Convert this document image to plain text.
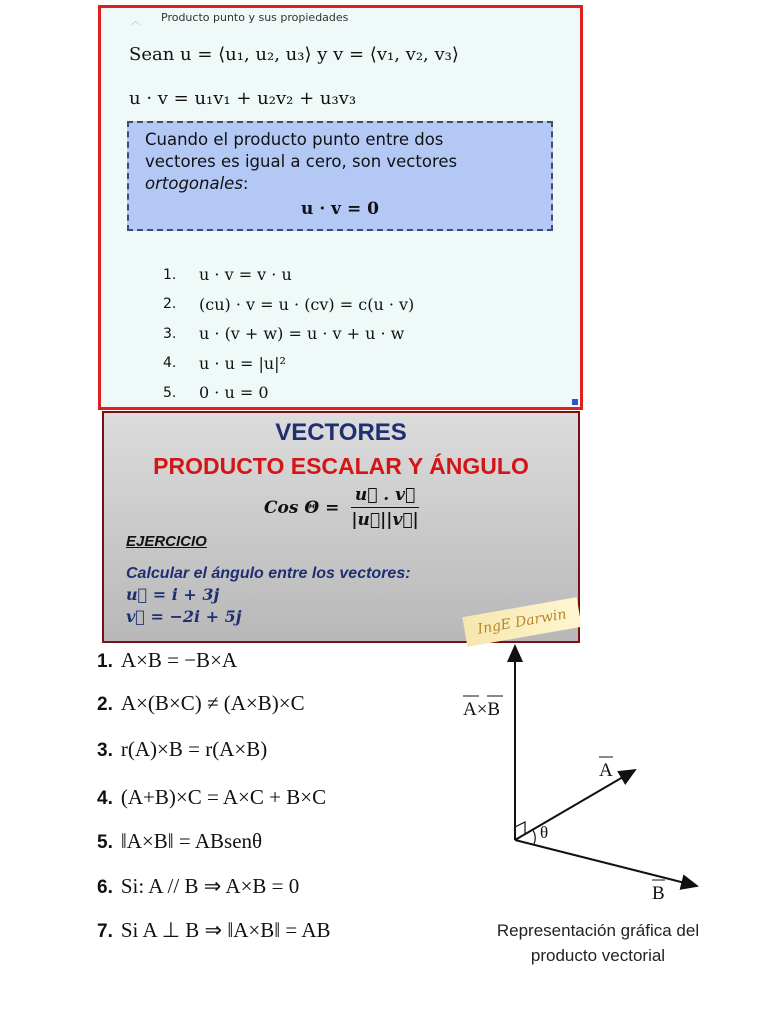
︿ Producto punto y sus propiedades
Sean u = ⟨u₁, u₂, u₃⟩ y v = ⟨v₁, v₂, v₃⟩
u · v = u₁v₁ + u₂v₂ + u₃v₃
Cuando el producto punto entre dos
vectores es igual a cero, son vectores
ortogonales:
u · v = 0
1.	u · v = v · u
2.	(cu) · v = u · (cv) = c(u · v)
3.	u · (v + w) = u · v + u · w
4.	u · u = |u|²
5.	0 · u = 0
VECTORES
PRODUCTO ESCALAR Y ÁNGULO
Cos $\Theta = \frac{u⃗ . v⃗}{|u⃗||v⃗|}$
EJERCICIO
Calcular el ángulo entre los vectores:
u⃗ = i + 3j
v⃗ = −2i + 5j	IngE Darwin
1. A×B = −B×A
2. A×(B×C) ≠ (A×B)×C
3. r(A)×B = r(A×B)
4. (A+B)×C = A×C + B×C
5. ‖A×B‖ = ABsenθ
6. Si: A // B ⇒ A×B = 0
7. Si A ⊥ B ⇒ ‖A×B‖ = AB
A×B
A
B
θ
Representación gráfica del
producto vectorial
